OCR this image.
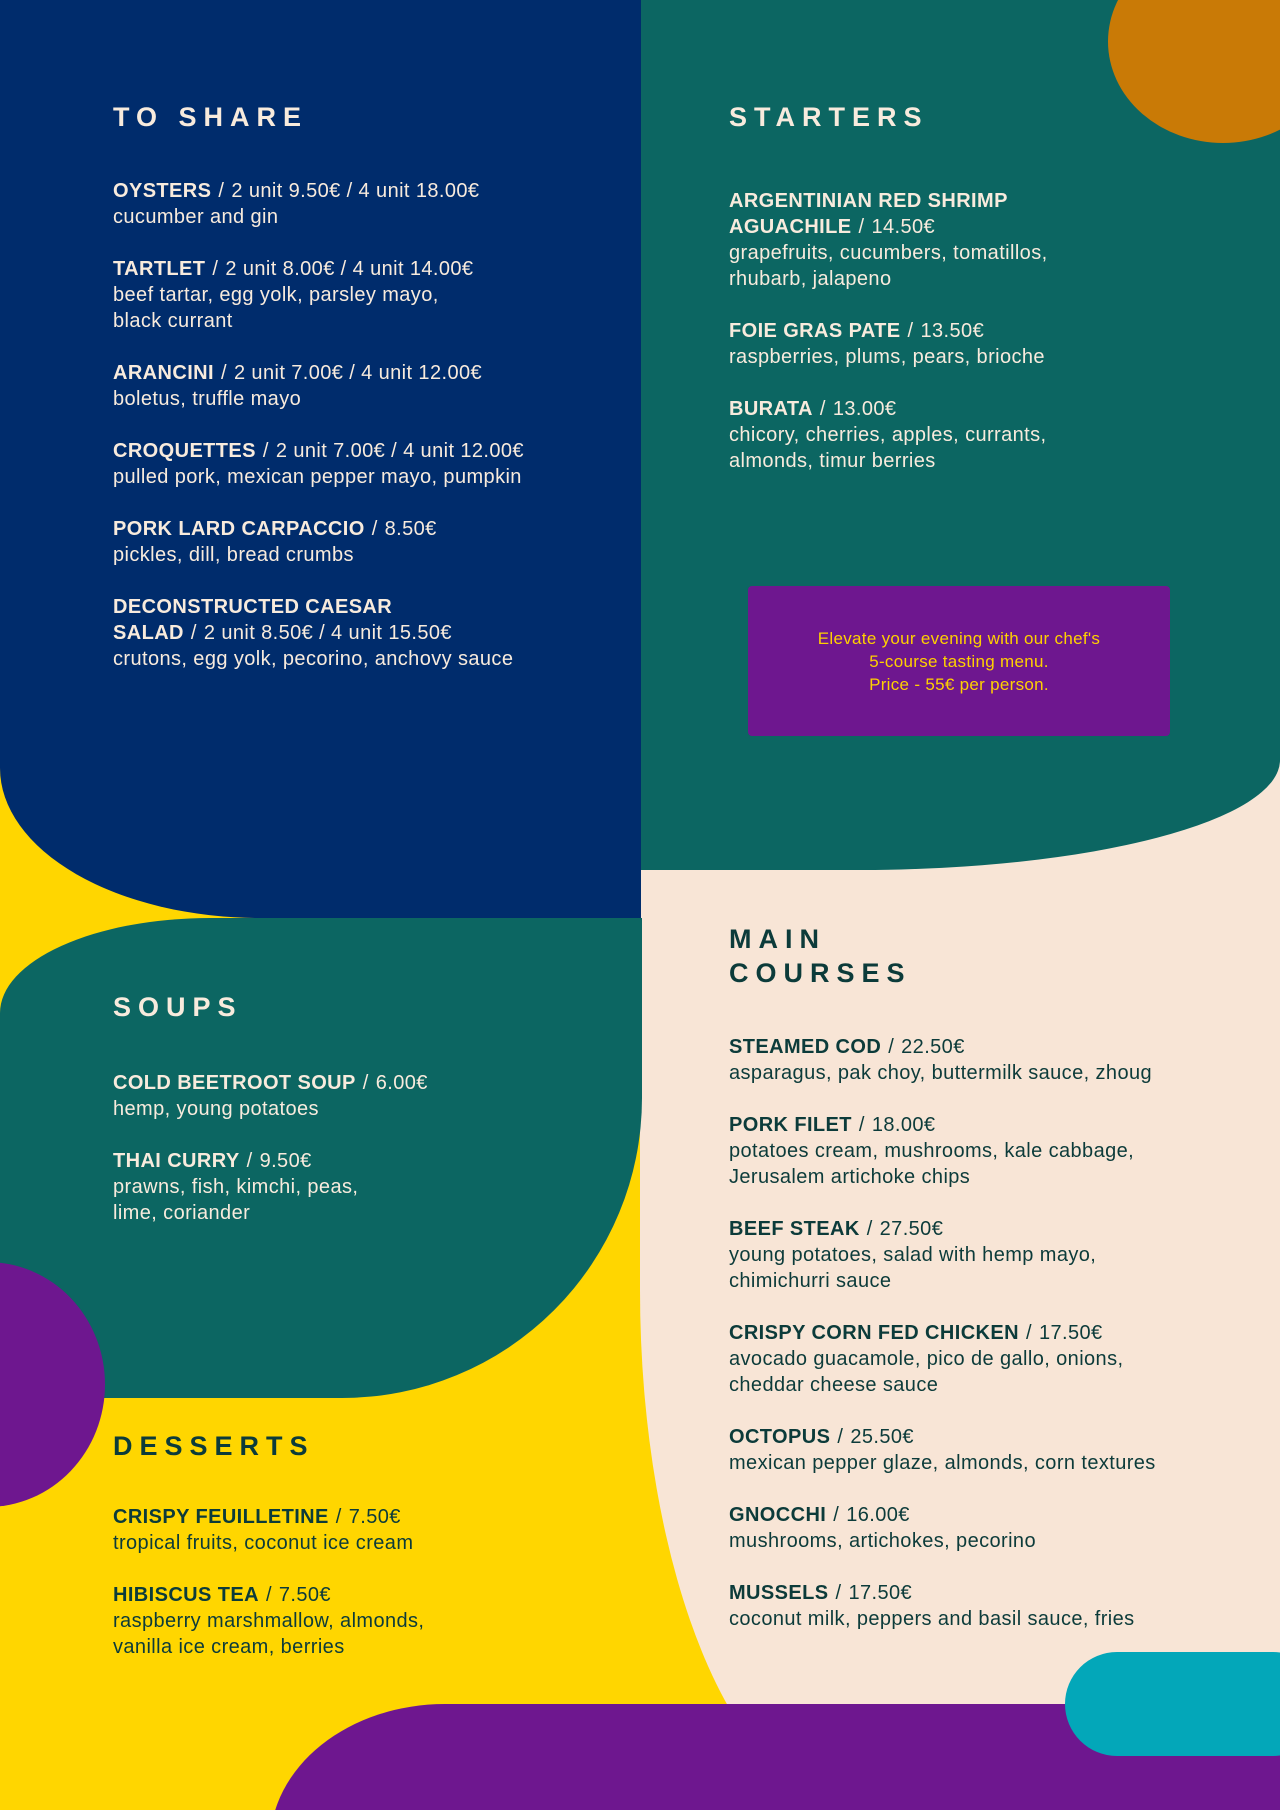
TO SHARE
OYSTERS / 2 unit 9.50€ / 4 unit 18.00€
cucumber and gin
TARTLET / 2 unit 8.00€ / 4 unit 14.00€
beef tartar, egg yolk, parsley mayo,
black currant
ARANCINI / 2 unit 7.00€ / 4 unit 12.00€
boletus, truffle mayo
CROQUETTES / 2 unit 7.00€ / 4 unit 12.00€
pulled pork, mexican pepper mayo, pumpkin
PORK LARD CARPACCIO / 8.50€
pickles, dill, bread crumbs
DECONSTRUCTED CAESAR
SALAD / 2 unit 8.50€ / 4 unit 15.50€
crutons, egg yolk, pecorino, anchovy sauce
STARTERS
ARGENTINIAN RED SHRIMP
AGUACHILE / 14.50€
grapefruits, cucumbers, tomatillos,
rhubarb, jalapeno
FOIE GRAS PATE / 13.50€
raspberries, plums, pears, brioche
BURATA / 13.00€
chicory, cherries, apples, currants,
almonds, timur berries
Elevate your evening with our chef's
5-course tasting menu.
Price - 55€ per person.
SOUPS
COLD BEETROOT SOUP / 6.00€
hemp, young potatoes
THAI CURRY / 9.50€
prawns, fish, kimchi, peas,
lime, coriander
DESSERTS
CRISPY FEUILLETINE / 7.50€
tropical fruits, coconut ice cream
HIBISCUS TEA / 7.50€
raspberry marshmallow, almonds,
vanilla ice cream, berries
MAIN
COURSES
STEAMED COD / 22.50€
asparagus, pak choy, buttermilk sauce, zhoug
PORK FILET / 18.00€
potatoes cream, mushrooms, kale cabbage,
Jerusalem artichoke chips
BEEF STEAK / 27.50€
young potatoes, salad with hemp mayo,
chimichurri sauce
CRISPY CORN FED CHICKEN / 17.50€
avocado guacamole, pico de gallo, onions,
cheddar cheese sauce
OCTOPUS / 25.50€
mexican pepper glaze, almonds, corn textures
GNOCCHI / 16.00€
mushrooms, artichokes, pecorino
MUSSELS / 17.50€
coconut milk, peppers and basil sauce, fries
